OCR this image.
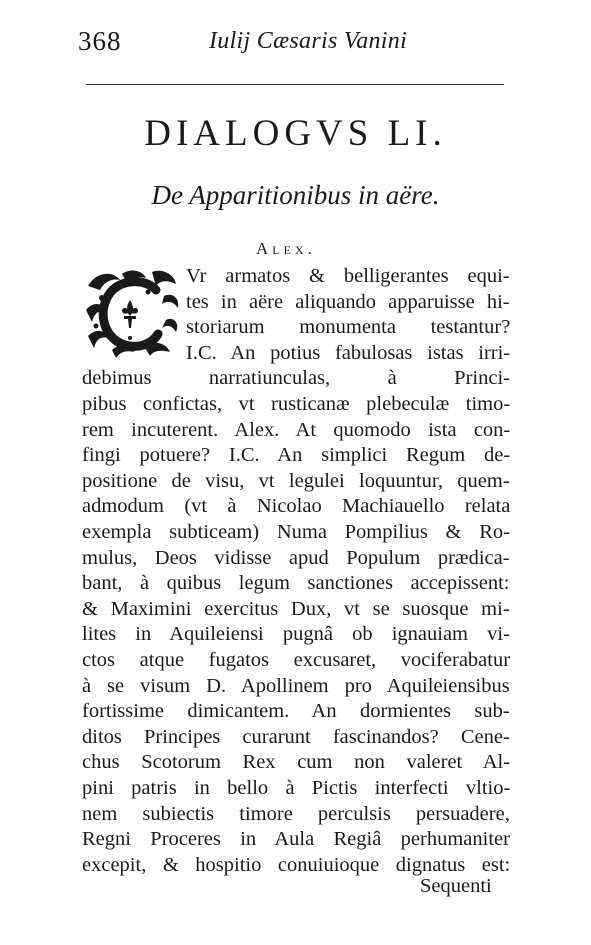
368	Iulij Cæsaris Vanini
DIALOGVS LI.
De Apparitionibus in aëre.
Alex.
Vr armatos & belligerantes equi-
tes in aëre aliquando apparuisse hi-
storiarum monumenta testantur?
I.C. An potius fabulosas istas irri-
debimus narratiunculas, à Princi-
pibus confictas, vt rusticanæ plebeculæ timo-
rem incuterent. Alex. At quomodo ista con-
fingi potuere? I.C. An simplici Regum de-
positione de visu, vt legulei loquuntur, quem-
admodum (vt à Nicolao Machiauello relata
exempla subticeam) Numa Pompilius & Ro-
mulus, Deos vidisse apud Populum prædica-
bant, à quibus legum sanctiones accepissent:
& Maximini exercitus Dux, vt se suosque mi-
lites in Aquileiensi pugnâ ob ignauiam vi-
ctos atque fugatos excusaret, vociferabatur
à se visum D. Apollinem pro Aquileiensibus
fortissime dimicantem. An dormientes sub-
ditos Principes curarunt fascinandos? Cene-
chus Scotorum Rex cum non valeret Al-
pini patris in bello à Pictis interfecti vltio-
nem subiectis timore perculsis persuadere,
Regni Proceres in Aula Regiâ perhumaniter
excepit, & hospitio conuiuioque dignatus est:
Sequenti
